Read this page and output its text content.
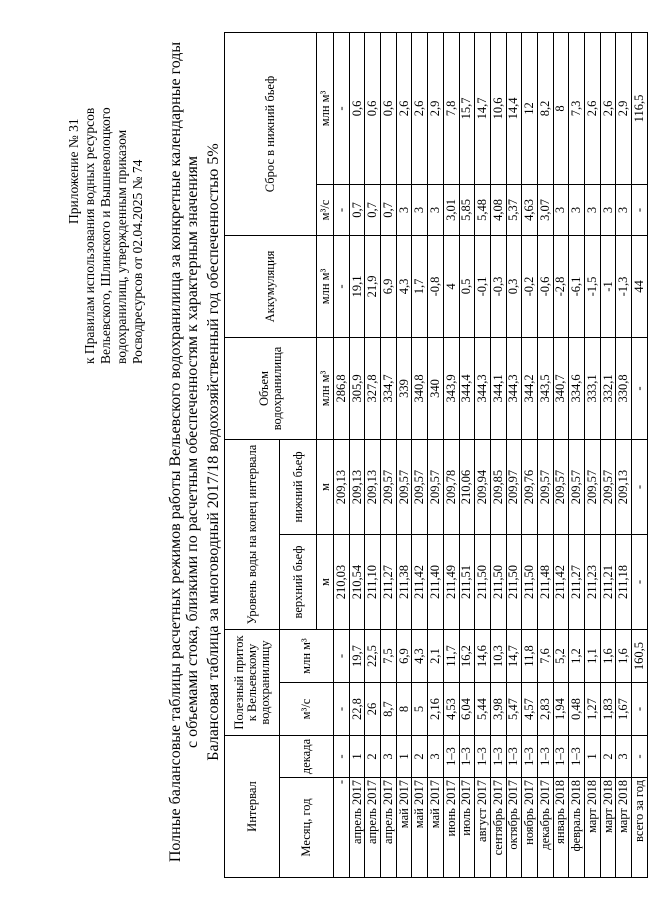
Приложение № 31 к Правилам использования водных ресурсов Вельевского, Шлинского и Вышневолоцкого водохранилищ, утвержденным приказом Росводресурсов от 02.04.2025 № 74 Полные балансовые таблицы расчетных режимов работы Вельевского водохранилища за конкретные календарные годы с объемами стока, близкими по расчетным обеспеченностям к характерным значениям Балансовая таблица за многоводный 2017/18 водохозяйственный год обеспеченностью 5%
Интервал		Полезный приток к Вельевскому водохранилищу		Уровень воды на конец интервала		Объем водохранилища	Аккумуляция	Сброс в нижний бьеф	
Месяц, год	декада	м³/с	млн м³	верхний бьеф	нижний бьеф				
				м	м	млн м³	млн м³	м³/с	млн м³
-	-	-	-	210,03	209,13	286,8	-	-	-
апрель 2017	1	22,8	19,7	210,54	209,13	305,9	19,1	0,7	0,6
апрель 2017	2	26	22,5	211,10	209,13	327,8	21,9	0,7	0,6
апрель 2017	3	8,7	7,5	211,27	209,57	334,7	6,9	0,7	0,6
май 2017	1	8	6,9	211,38	209,57	339	4,3	3	2,6
май 2017	2	5	4,3	211,42	209,57	340,8	1,7	3	2,6
май 2017	3	2,16	2,1	211,40	209,57	340	-0,8	3	2,9
июнь 2017	1–3	4,53	11,7	211,49	209,78	343,9	4	3,01	7,8
июль 2017	1–3	6,04	16,2	211,51	210,06	344,4	0,5	5,85	15,7
август 2017	1–3	5,44	14,6	211,50	209,94	344,3	-0,1	5,48	14,7
сентябрь 2017	1–3	3,98	10,3	211,50	209,85	344,1	-0,3	4,08	10,6
октябрь 2017	1–3	5,47	14,7	211,50	209,97	344,3	0,3	5,37	14,4
ноябрь 2017	1–3	4,57	11,8	211,50	209,76	344,2	-0,2	4,63	12
декабрь 2017	1–3	2,83	7,6	211,48	209,57	343,5	-0,6	3,07	8,2
январь 2018	1–3	1,94	5,2	211,42	209,57	340,7	-2,8	3	8
февраль 2018	1–3	0,48	1,2	211,27	209,57	334,6	-6,1	3	7,3
март 2018	1	1,27	1,1	211,23	209,57	333,1	-1,5	3	2,6
март 2018	2	1,83	1,6	211,21	209,57	332,1	-1	3	2,6
март 2018	3	1,67	1,6	211,18	209,13	330,8	-1,3	3	2,9
всего за год	-	-	160,5	-	-	-	44	-	116,5
